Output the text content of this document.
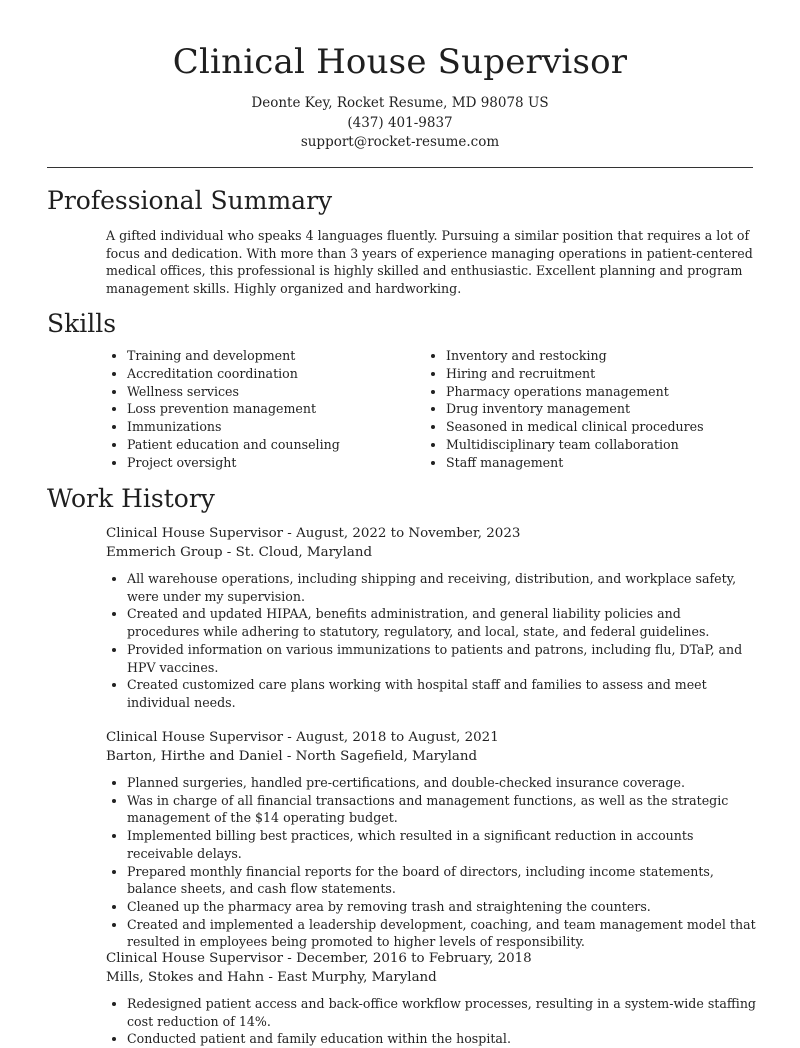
Clinical House Supervisor
Deonte Key, Rocket Resume, MD 98078 US
(437) 401-9837
support@rocket-resume.com
Professional Summary

A gifted individual who speaks 4 languages fluently. Pursuing a similar position that requires a lot of focus and dedication. With more than 3 years of experience managing operations in patient-centered medical offices, this professional is highly skilled and enthusiastic. Excellent planning and program management skills. Highly organized and hardworking.

Skills
• Training and development
• Accreditation coordination
• Wellness services
• Loss prevention management
• Immunizations
• Patient education and counseling
• Project oversight
• Inventory and restocking
• Hiring and recruitment
• Pharmacy operations management
• Drug inventory management
• Seasoned in medical clinical procedures
• Multidisciplinary team collaboration
• Staff management
Work History

Clinical House Supervisor - August, 2022 to November, 2023

Emmerich Group - St. Cloud, Maryland

• All warehouse operations, including shipping and receiving, distribution, and workplace safety, were under my supervision.
• Created and updated HIPAA, benefits administration, and general liability policies and procedures while adhering to statutory, regulatory, and local, state, and federal guidelines.
• Provided information on various immunizations to patients and patrons, including flu, DTaP, and HPV vaccines.
• Created customized care plans working with hospital staff and families to assess and meet individual needs.

Clinical House Supervisor - August, 2018 to August, 2021

Barton, Hirthe and Daniel - North Sagefield, Maryland

• Planned surgeries, handled pre-certifications, and double-checked insurance coverage.
• Was in charge of all financial transactions and management functions, as well as the strategic management of the $14 operating budget.
• Implemented billing best practices, which resulted in a significant reduction in accounts receivable delays.
• Prepared monthly financial reports for the board of directors, including income statements, balance sheets, and cash flow statements.
• Cleaned up the pharmacy area by removing trash and straightening the counters.
• Created and implemented a leadership development, coaching, and team management model that resulted in employees being promoted to higher levels of responsibility.

Clinical House Supervisor - December, 2016 to February, 2018

Mills, Stokes and Hahn - East Murphy, Maryland

• Redesigned patient access and back-office workflow processes, resulting in a system-wide staffing cost reduction of 14%.
• Conducted patient and family education within the hospital.
